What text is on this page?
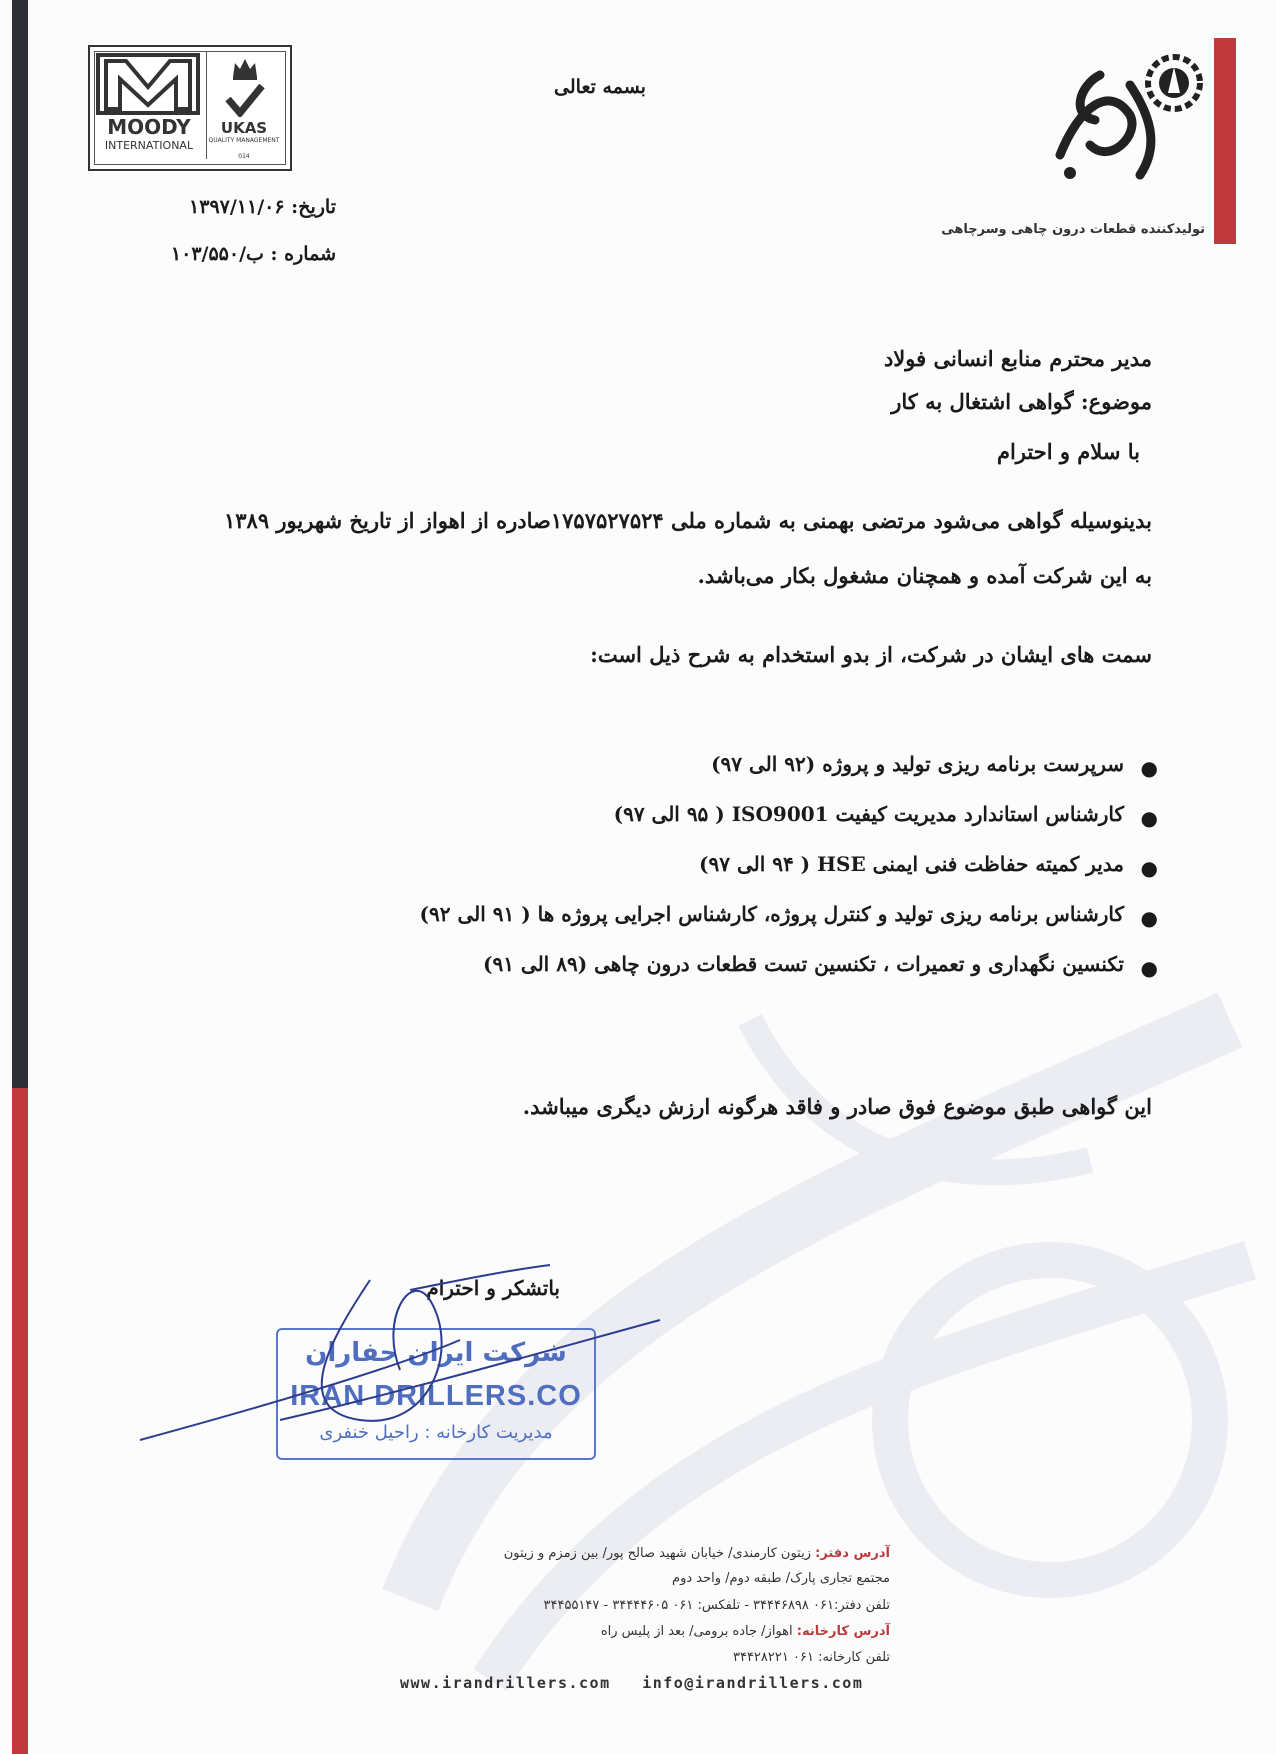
MOODY
INTERNATIONAL
UKAS
QUALITY MANAGEMENT
014
تولیدکننده قطعات درون چاهی وسرچاهی
بسمه تعالی
تاریخ: ۱۳۹۷/۱۱/۰۶
شماره : ب/۱۰۳/۵۵۰
مدیر محترم منابع انسانی فولاد
موضوع: گواهی اشتغال به کار
با سلام و احترام
بدینوسیله گواهی می‌شود مرتضی بهمنی به شماره ملی ۱۷۵۷۵۲۷۵۲۴صادره از اهواز از تاریخ شهریور ۱۳۸۹
به این شرکت آمده و همچنان مشغول بکار می‌باشد.
سمت های ایشان در شرکت، از بدو استخدام به شرح ذیل است:
●
سرپرست برنامه ریزی تولید و پروژه (۹۲ الی ۹۷)
●
کارشناس استاندارد مدیریت کیفیت ISO9001 ( ۹۵ الی ۹۷)
●
مدیر کمیته حفاظت فنی ایمنی HSE ( ۹۴ الی ۹۷)
●
کارشناس برنامه ریزی تولید و کنترل پروژه، کارشناس اجرایی پروژه ها ( ۹۱ الی ۹۲)
●
تکنسین نگهداری و تعمیرات ، تکنسین تست قطعات درون چاهی (۸۹ الی ۹۱)
این گواهی طبق موضوع فوق صادر و فاقد هرگونه ارزش دیگری میباشد.
باتشکر و احترام
شرکت ایران حفاران
IRAN DRILLERS.CO
مدیریت کارخانه : راحیل خنفری
آدرس دفتر: زیتون کارمندی/ خیابان شهید صالح پور/ بین زمزم و زیتون
مجتمع تجاری پارک/ طبقه دوم/ واحد دوم
تلفن دفتر:۰۶۱ ۳۴۴۴۶۸۹۸ - تلفکس: ۰۶۱ ۳۴۴۴۴۶۰۵ - ۳۴۴۵۵۱۴۷
آدرس کارخانه: اهواز/ جاده برومی/ بعد از پلیس راه
تلفن کارخانه: ۰۶۱ ۳۴۴۲۸۲۲۱
www.irandrillers.com info@irandrillers.com
